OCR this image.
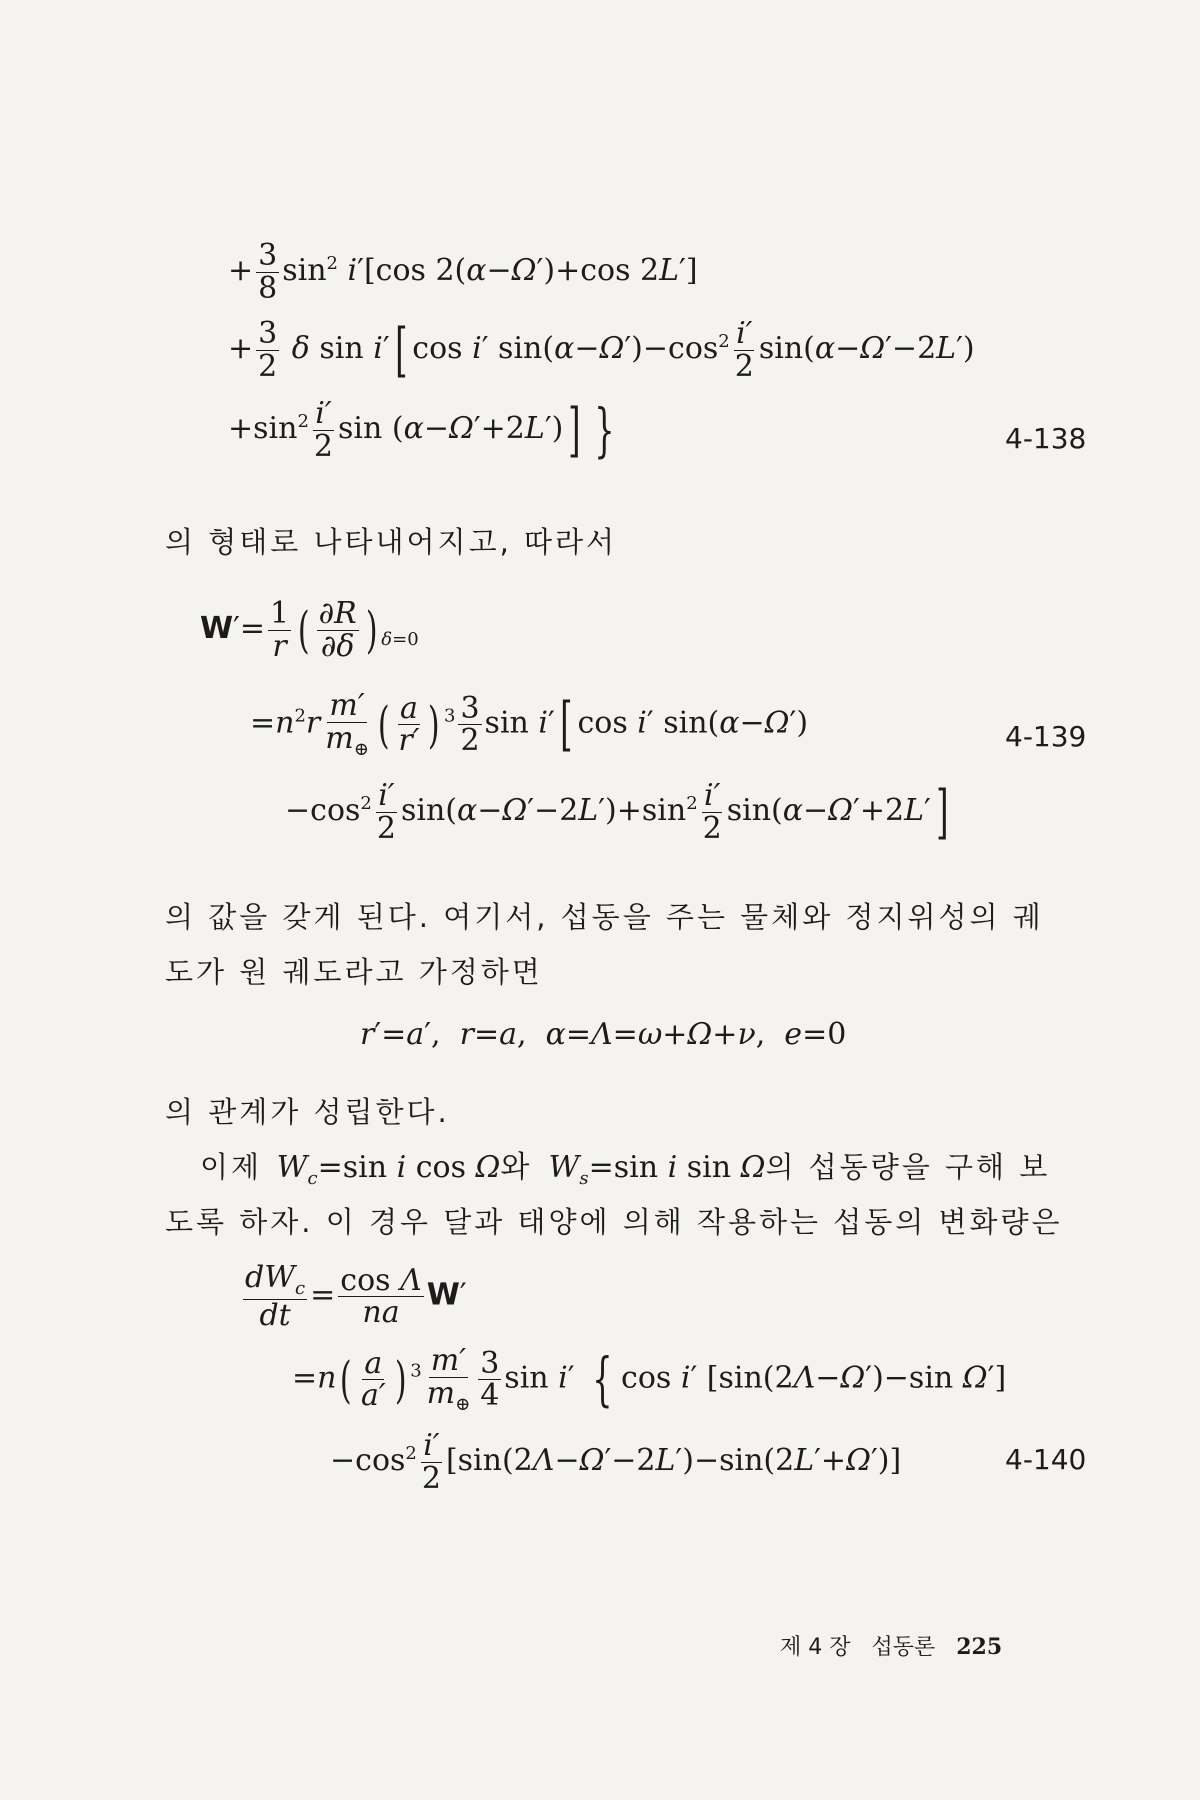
+ $\frac{3}{8} \sin^2 i'[\cos$ 2(α−Ω′)+cos 2L′]
+ $\frac{3}{2}$ δ sin i′[ cos i′ $\sin(\alpha-\Omega')-\cos^2 \frac{i'}{2} \sin(\alpha-\Omega'-2L')$
$+\sin^2 \frac{i'}{2}$ sin (α−Ω′+2L′)] }	4-138
의 형태로 나타내어지고, 따라서
$W'= \frac{1}{r}$ ( $\frac{\partial R}{\partial\delta}$ ) $_{\delta=0}$
$=n^2r \frac{m'}{m_\oplus}$ ( $\frac{a}{r'}$ ) $^3 \frac{3}{2}$ sin i′[ cos i′ sin(α−Ω′)	4-139
$-\cos^2 \frac{i'}{2} \sin(\alpha-\Omega'-2L')+\sin^2 \frac{i'}{2} \sin(\alpha-\Omega'+2L']$
의 값을 갖게 된다. 여기서, 섭동을 주는 물체와 정지위성의 궤
도가 원 궤도라고 가정하면
r′=a′,  r=a,  α=Λ=ω+Ω+ν,  e=0
의 관계가 성립한다.
이제 $W_c=\sin$ i cos Ω와  $W_s=\sin$ i sin Ω의 섭동량을 구해 보
도록 하자. 이 경우 달과 태양에 의해 작용하는 섭동의 변화량은
$\frac{dW_c}{dt} = \frac{\text{cos Λ}}{na} W'$
$=n( \frac{a}{a'}$ ) $^3 \frac{m'}{m_\oplus} \frac{3}{4}$ sin i′ { cos i′ [sin(2Λ−Ω′)−sin Ω′]
$-\cos^2 \frac{i'}{2} [\sin(2\Lambda-\Omega'-2L')-\sin(2L'+\Omega')]$	4-140
제 4 장 섭동론 225
